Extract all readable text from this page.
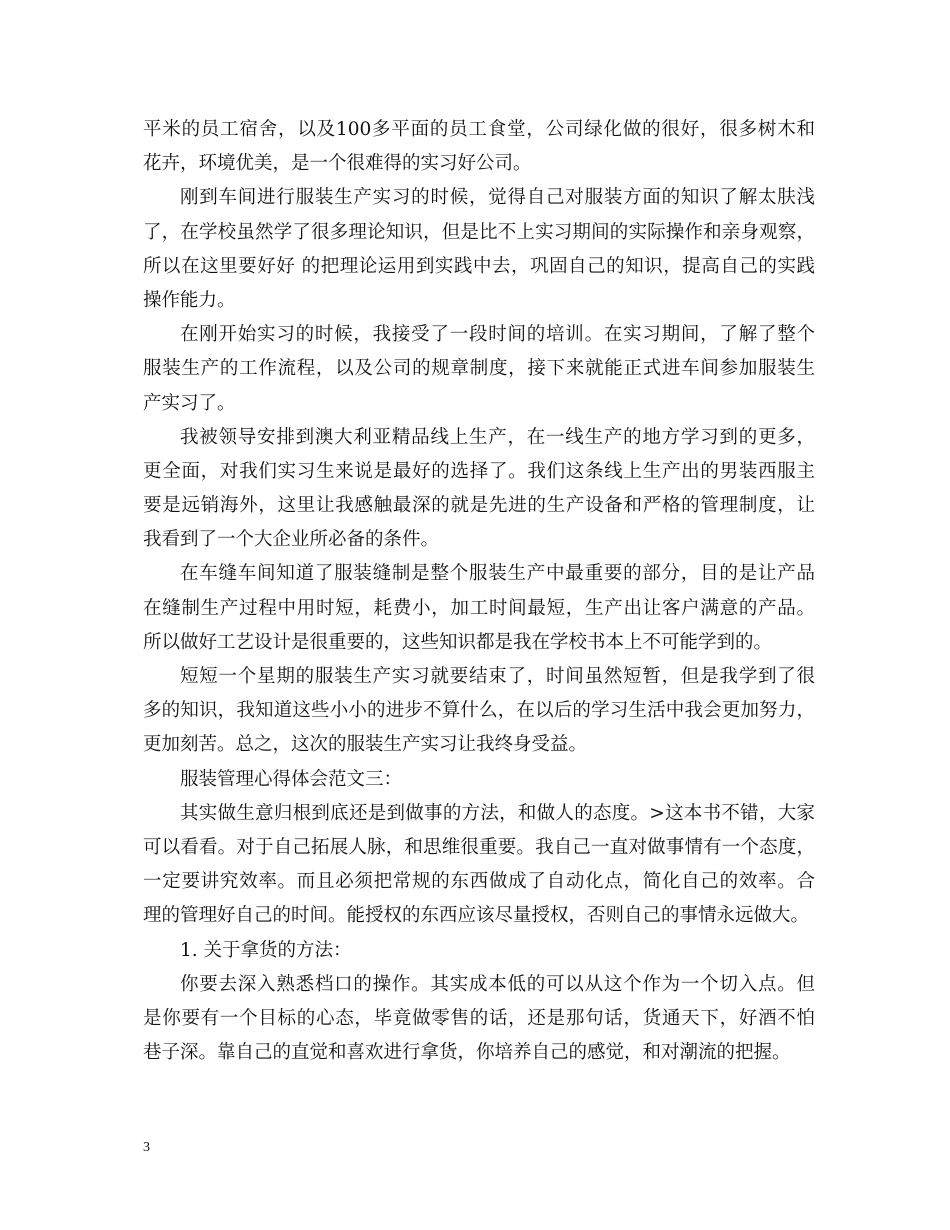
平米的员工宿舍，以及100多平面的员工食堂，公司绿化做的很好，很多树木和
花卉，环境优美，是一个很难得的实习好公司。
刚到车间进行服装生产实习的时候，觉得自己对服装方面的知识了解太肤浅
了，在学校虽然学了很多理论知识，但是比不上实习期间的实际操作和亲身观察，
所以在这里要好好 的把理论运用到实践中去，巩固自己的知识，提高自己的实践
操作能力。
在刚开始实习的时候，我接受了一段时间的培训。在实习期间，了解了整个
服装生产的工作流程，以及公司的规章制度，接下来就能正式进车间参加服装生
产实习了。
我被领导安排到澳大利亚精品线上生产，在一线生产的地方学习到的更多，
更全面，对我们实习生来说是最好的选择了。我们这条线上生产出的男装西服主
要是远销海外，这里让我感触最深的就是先进的生产设备和严格的管理制度，让
我看到了一个大企业所必备的条件。
在车缝车间知道了服装缝制是整个服装生产中最重要的部分，目的是让产品
在缝制生产过程中用时短，耗费小，加工时间最短，生产出让客户满意的产品。
所以做好工艺设计是很重要的，这些知识都是我在学校书本上不可能学到的。
短短一个星期的服装生产实习就要结束了，时间虽然短暂，但是我学到了很
多的知识，我知道这些小小的进步不算什么，在以后的学习生活中我会更加努力，
更加刻苦。总之，这次的服装生产实习让我终身受益。
服装管理心得体会范文三：
其实做生意归根到底还是到做事的方法，和做人的态度。>这本书不错，大家
可以看看。对于自己拓展人脉，和思维很重要。我自己一直对做事情有一个态度，
一定要讲究效率。而且必须把常规的东西做成了自动化点，简化自己的效率。合
理的管理好自己的时间。能授权的东西应该尽量授权，否则自己的事情永远做大。
1. 关于拿货的方法：
你要去深入熟悉档口的操作。其实成本低的可以从这个作为一个切入点。但
是你要有一个目标的心态，毕竟做零售的话，还是那句话，货通天下，好酒不怕
巷子深。靠自己的直觉和喜欢进行拿货，你培养自己的感觉，和对潮流的把握。
3
